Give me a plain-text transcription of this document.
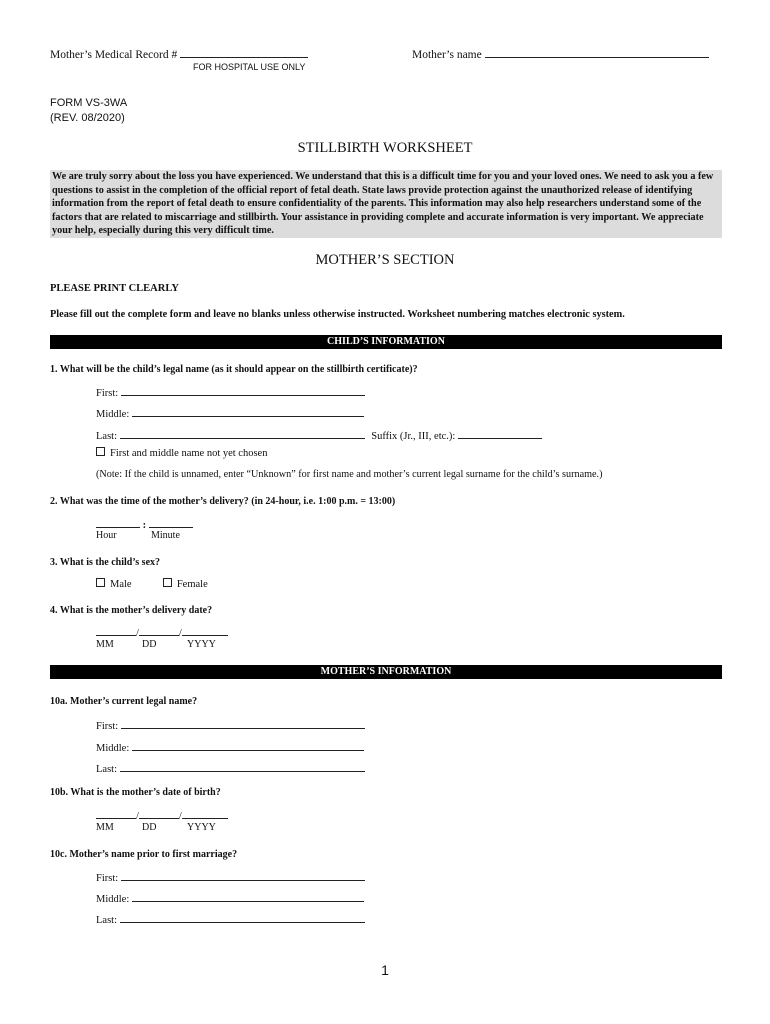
Mother’s Medical Record #
FOR HOSPITAL USE ONLY
Mother’s name
FORM VS-3WA
(REV. 08/2020)
STILLBIRTH WORKSHEET
We are truly sorry about the loss you have experienced. We understand that this is a difficult time for you and your loved ones. We need to ask you a few questions to assist in the completion of the official report of fetal death. State laws provide protection against the unauthorized release of identifying information from the report of fetal death to ensure confidentiality of the parents. This information may also help researchers understand some of the factors that are related to miscarriage and stillbirth. Your assistance in providing complete and accurate information is very important. We appreciate your help, especially during this very difficult time.
MOTHER’S SECTION
PLEASE PRINT CLEARLY
Please fill out the complete form and leave no blanks unless otherwise instructed. Worksheet numbering matches electronic system.
CHILD’S INFORMATION
1. What will be the child’s legal name (as it should appear on the stillbirth certificate)?
First:
Middle:
Last:	Suffix (Jr., III, etc.):
First and middle name not yet chosen
(Note: If the child is unnamed, enter “Unknown” for first name and mother’s current legal surname for the child’s surname.)
2. What was the time of the mother’s delivery? (in 24-hour, i.e. 1:00 p.m. = 13:00)
:
Hour	Minute
3. What is the child’s sex?
Male	Female
4. What is the mother’s delivery date?
/	/
MM	DD	YYYY
MOTHER’S INFORMATION
10a. Mother’s current legal name?
First:
Middle:
Last:
10b. What is the mother’s date of birth?
/	/
MM	DD	YYYY
10c. Mother’s name prior to first marriage?
First:
Middle:
Last:
1
